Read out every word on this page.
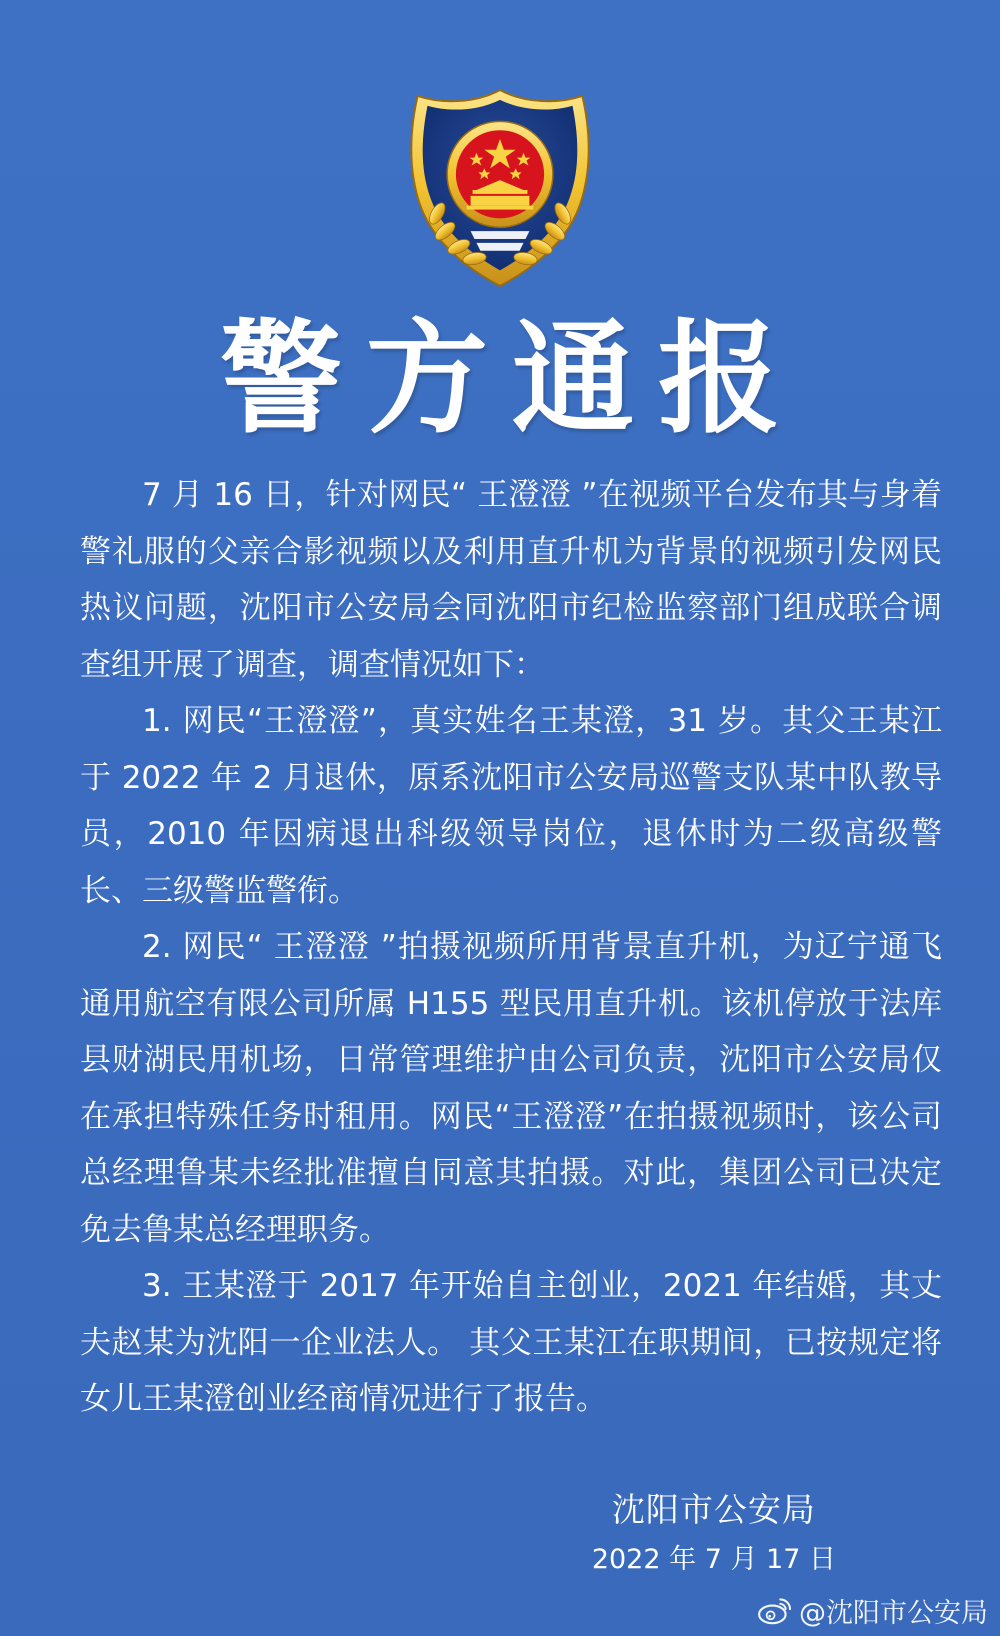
警方通报

7 月 16 日，针对网民“ 王澄澄 ”在视频平台发布其与身着警礼服的父亲合影视频以及利用直升机为背景的视频引发网民热议问题，沈阳市公安局会同沈阳市纪检监察部门组成联合调查组开展了调查，调查情况如下：

1. 网民“王澄澄”，真实姓名王某澄，31 岁。其父王某江于 2022 年 2 月退休，原系沈阳市公安局巡警支队某中队教导员，2010 年因病退出科级领导岗位，退休时为二级高级警长、三级警监警衔。

2. 网民“ 王澄澄 ”拍摄视频所用背景直升机，为辽宁通飞通用航空有限公司所属 H155 型民用直升机。该机停放于法库县财湖民用机场，日常管理维护由公司负责，沈阳市公安局仅在承担特殊任务时租用。网民“王澄澄”在拍摄视频时，该公司总经理鲁某未经批准擅自同意其拍摄。对此，集团公司已决定免去鲁某总经理职务。

3. 王某澄于 2017 年开始自主创业，2021 年结婚，其丈夫赵某为沈阳一企业法人。 其父王某江在职期间，已按规定将女儿王某澄创业经商情况进行了报告。

沈阳市公安局
2022 年 7 月 17 日
@沈阳市公安局
